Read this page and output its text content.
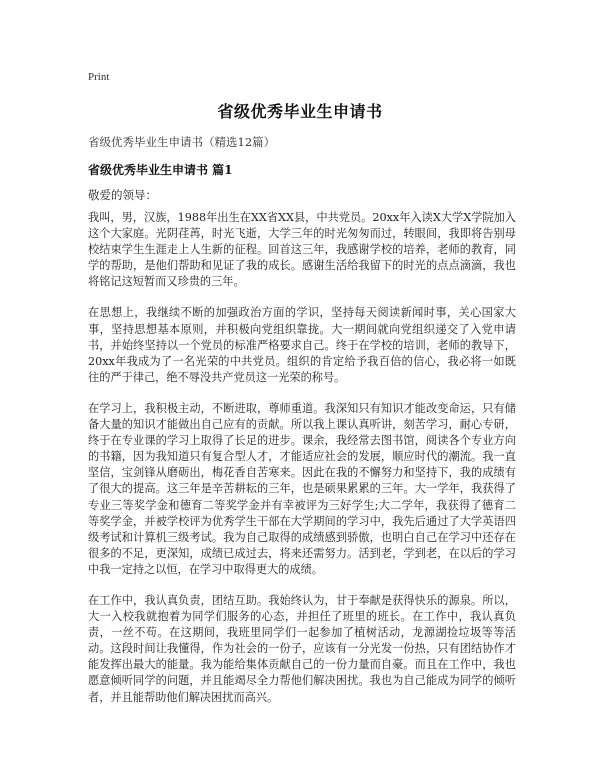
Print
省级优秀毕业生申请书
省级优秀毕业生申请书（精选12篇）
省级优秀毕业生申请书 篇1
敬爱的领导：

我叫，男，汉族，1988年出生在XX省XX县，中共党员。20xx年入读X大学X学院加入这个大家庭。光阴荏苒，时光飞逝，大学三年的时光匆匆而过，转眼间，我即将告别母校结束学生生涯走上人生新的征程。回首这三年，我感谢学校的培养，老师的教育，同学的帮助，是他们帮助和见证了我的成长。感谢生活给我留下的时光的点点滴滴，我也将铭记这短暂而又珍贵的三年。

在思想上，我继续不断的加强政治方面的学识，坚持每天阅读新闻时事，关心国家大事，坚持思想基本原则，并积极向党组织靠拢。大一期间就向党组织递交了入党申请书，并始终坚持以一个党员的标准严格要求自己。终于在学校的培训，老师的教导下，20xx年我成为了一名光荣的中共党员。组织的肯定给予我百倍的信心，我必将一如既往的严于律己，绝不辱没共产党员这一光荣的称号。

在学习上，我积极主动，不断进取，尊师重道。我深知只有知识才能改变命运，只有储备大量的知识才能做出自己应有的贡献。所以我上课认真听讲，刻苦学习，耐心专研，终于在专业课的学习上取得了长足的进步。课余，我经常去图书馆，阅读各个专业方向的书籍，因为我知道只有复合型人才，才能适应社会的发展，顺应时代的潮流。我一直坚信，宝剑锋从磨砺出，梅花香自苦寒来。因此在我的不懈努力和坚持下，我的成绩有了很大的提高。这三年是辛苦耕耘的三年，也是硕果累累的三年。大一学年，我获得了专业三等奖学金和德育二等奖学金并有幸被评为三好学生;大二学年，我获得了德育二等奖学金，并被学校评为优秀学生干部在大学期间的学习中，我先后通过了大学英语四级考试和计算机三级考试。我为自己取得的成绩感到骄傲，也明白自己在学习中还存在很多的不足，更深知，成绩已成过去，将来还需努力。活到老，学到老，在以后的学习中我一定持之以恒，在学习中取得更大的成绩。

在工作中，我认真负责，团结互助。我始终认为，甘于奉献是获得快乐的源泉。所以，大一入校我就抱着为同学们服务的心态，并担任了班里的班长。在工作中，我认真负责，一丝不苟。在这期间，我班里同学们一起参加了植树活动，龙源湖捡垃圾等等活动。这段时间让我懂得，作为社会的一份子，应该有一分光发一份热，只有团结协作才能发挥出最大的能量。我为能给集体贡献自己的一份力量而自豪。而且在工作中，我也愿意倾听同学的问题，并且能竭尽全力帮他们解决困扰。我也为自己能成为同学的倾听者，并且能帮助他们解决困扰而高兴。
